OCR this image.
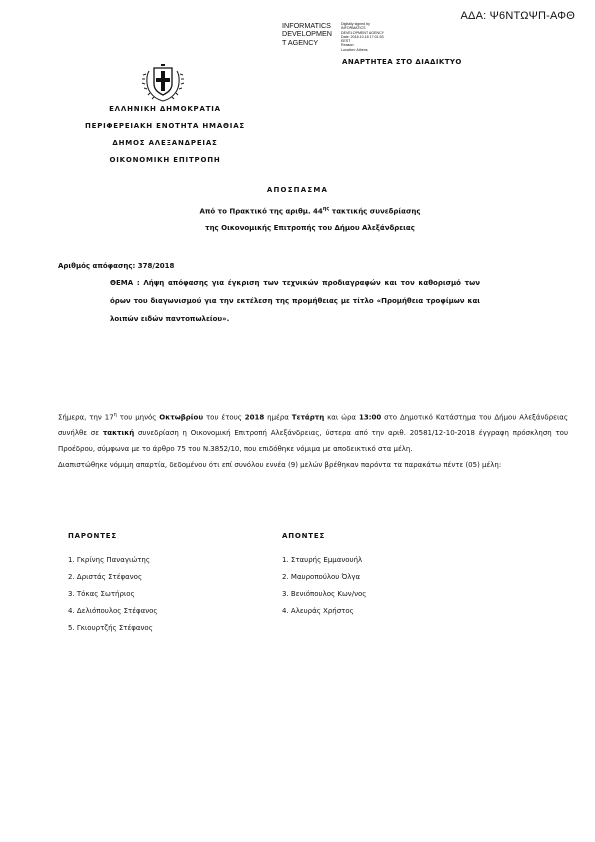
ΑΔΑ: Ψ6ΝΤΩΨΠ-ΑΦΘ
INFORMATICS
DEVELOPMEN
T AGENCY
Digitally signed by
INFORMATICS
DEVELOPMENT AGENCY
Date: 2018.10.18 17:01:53
EEST
Reason:
Location: Athens
ΑΝΑΡΤΗΤΕΑ ΣΤΟ ΔΙΑΔΙΚΤΥΟ
ΕΛΛΗΝΙΚΗ ΔΗΜΟΚΡΑΤΙΑ
ΠΕΡΙΦΕΡΕΙΑΚΗ ΕΝΟΤΗΤΑ ΗΜΑΘΙΑΣ
ΔΗΜΟΣ ΑΛΕΞΑΝΔΡΕΙΑΣ
ΟΙΚΟΝΟΜΙΚΗ ΕΠΙΤΡΟΠΗ
ΑΠΟΣΠΑΣΜΑ
Από το Πρακτικό της αριθμ. $44^{\eta\varsigma}$ τακτικής συνεδρίασης
της Οικονομικής Επιτροπής του Δήμου Αλεξάνδρειας
Αριθμός απόφασης: 378/2018
ΘΕΜΑ : Λήψη απόφασης για έγκριση των τεχνικών προδιαγραφών και τον καθορισμό των όρων του διαγωνισμού για την εκτέλεση της προμήθειας με τίτλο «Προμήθεια τροφίμων και λοιπών ειδών παντοπωλείου».
Σήμερα, την $17^\eta$ του μηνός Οκτωβρίου του έτους 2018 ημέρα Τετάρτη και ώρα 13:00 στο Δημοτικό Κατάστημα του Δήμου Αλεξάνδρειας συνήλθε σε τακτική συνεδρίαση η Οικονομική Επιτροπή Αλεξάνδρειας, ύστερα από την αριθ. 20581/12-10-2018 έγγραφη πρόσκληση του Προέδρου, σύμφωνα με το άρθρο 75 του Ν.3852/10, που επιδόθηκε νόμιμα με αποδεικτικό στα μέλη.
Διαπιστώθηκε νόμιμη απαρτία, δεδομένου ότι επί συνόλου εννέα (9) μελών βρέθηκαν παρόντα τα παρακάτω πέντε (05) μέλη:
ΠΑΡΟΝΤΕΣ
1. Γκρίνης Παναγιώτης
2. Δριστάς Στέφανος
3. Τόκας Σωτήριος
4. Δελιόπουλος Στέφανος
5. Γκιουρτζής Στέφανος
ΑΠΟΝΤΕΣ
1. Σταυρής Εμμανουήλ
2. Μαυροπούλου Όλγα
3. Βενιόπουλος Κων/νος
4. Αλευράς Χρήστος
